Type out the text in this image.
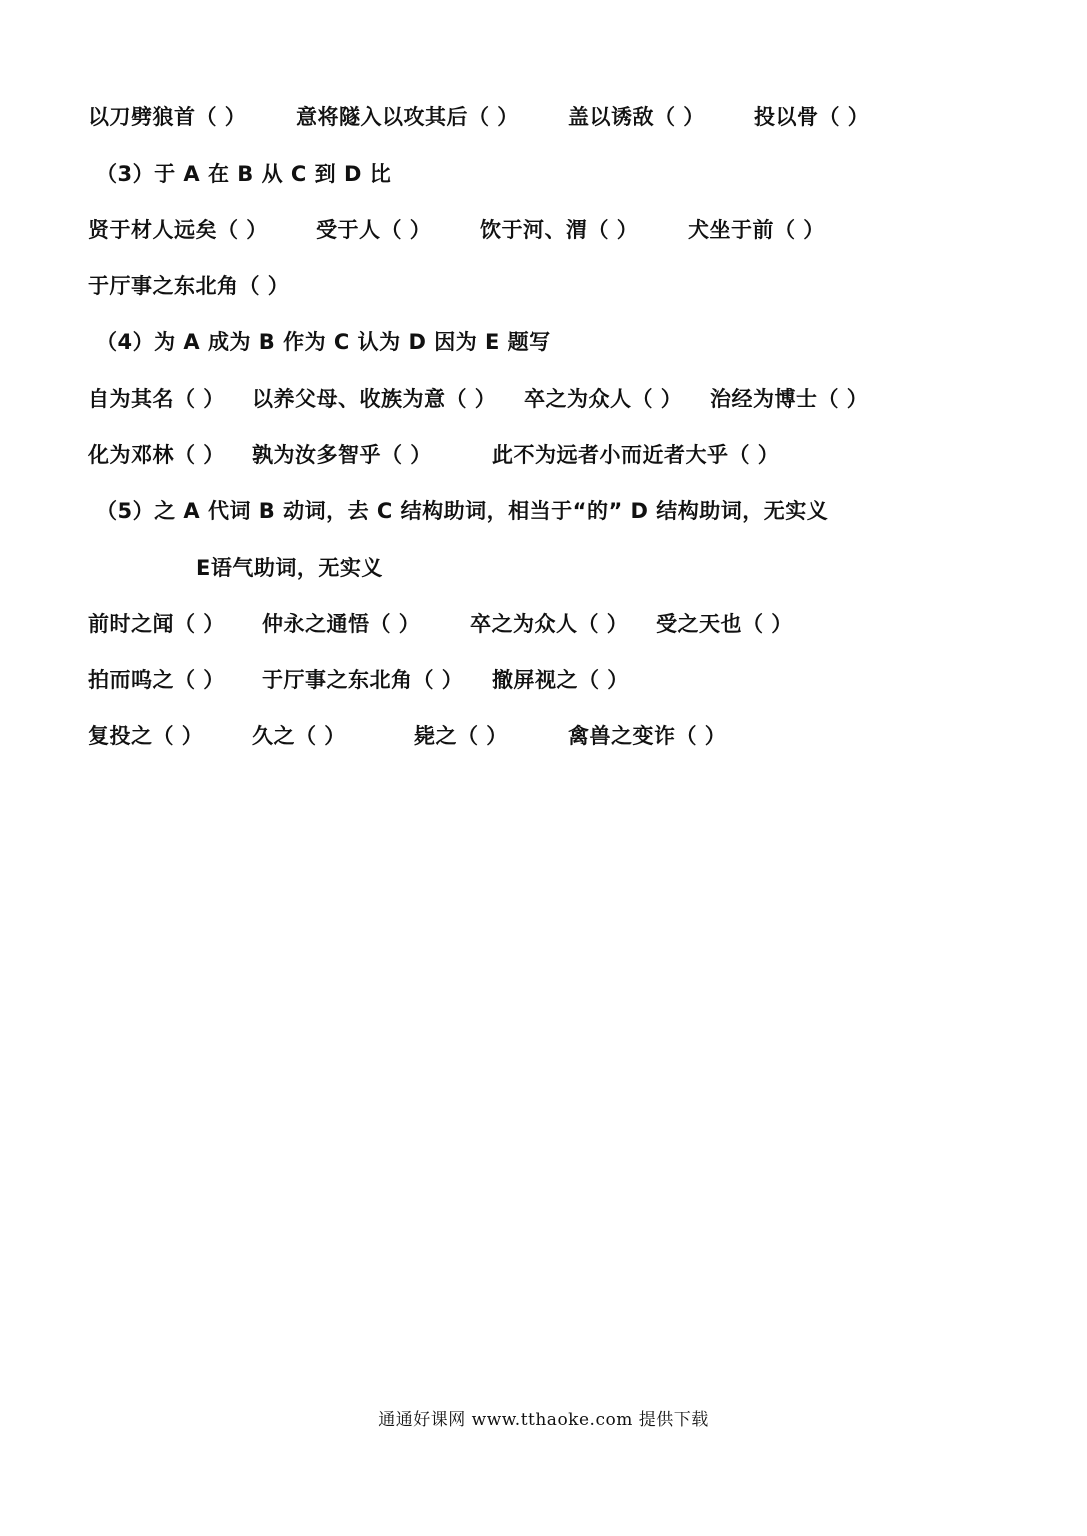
以刀劈狼首（ ） 意将隧入以攻其后（ ） 盖以诱敌（ ） 投以骨（ ）
（3）于 A 在 B 从 C 到 D 比
贤于材人远矣（ ） 受于人（ ） 饮于河、渭（ ） 犬坐于前（ ）
于厅事之东北角（ ）
（4）为 A 成为 B 作为 C 认为 D 因为 E 题写
自为其名（ ） 以养父母、收族为意（ ） 卒之为众人（ ） 治经为博士（ ）
化为邓林（ ） 孰为汝多智乎（ ）	此不为远者小而近者大乎（ ）
（5）之 A 代词 B 动词，去 C 结构助词，相当于“的” D 结构助词，无实义
E语气助词，无实义
前时之闻（ ） 仲永之通悟（ ） 卒之为众人（ ） 受之天也（ ）
拍而呜之（ ） 于厅事之东北角（ ） 撤屏视之（ ）
复投之（ ） 久之（ ）	毙之（ ）	禽兽之变诈（ ）
通通好课网 www.tthaoke.com 提供下载
